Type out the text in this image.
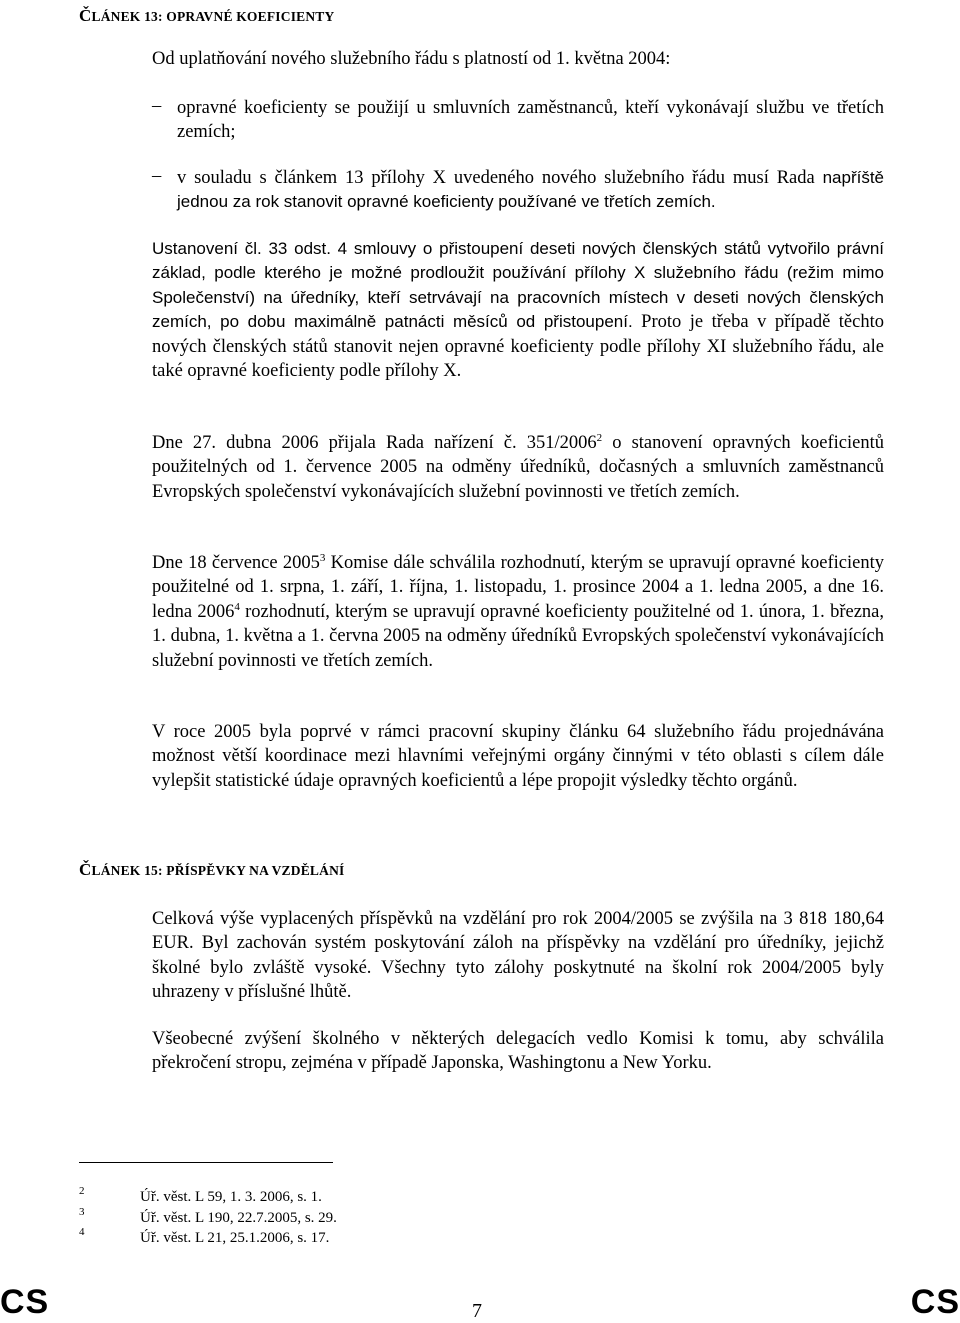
ČLÁNEK 13: OPRAVNÉ KOEFICIENTY
Od uplatňování nového služebního řádu s platností od 1. května 2004:
– opravné koeficienty se použijí u smluvních zaměstnanců, kteří vykonávají službu ve třetích zemích;
– v souladu s článkem 13 přílohy X uvedeného nového služebního řádu musí Rada napříště jednou za rok stanovit opravné koeficienty používané ve třetích zemích.
Ustanovení čl. 33 odst. 4 smlouvy o přistoupení deseti nových členských států vytvořilo právní základ, podle kterého je možné prodloužit používání přílohy X služebního řádu (režim mimo Společenství) na úředníky, kteří setrvávají na pracovních místech v deseti nových členských zemích, po dobu maximálně patnácti měsíců od přistoupení. Proto je třeba v případě těchto nových členských států stanovit nejen opravné koeficienty podle přílohy XI služebního řádu, ale také opravné koeficienty podle přílohy X.
Dne 27. dubna 2006 přijala Rada nařízení č. 351/2006$^2$ o stanovení opravných koeficientů použitelných od 1. července 2005 na odměny úředníků, dočasných a smluvních zaměstnanců Evropských společenství vykonávajících služební povinnosti ve třetích zemích.
Dne 18 července 2005$^3$ Komise dále schválila rozhodnutí, kterým se upravují opravné koeficienty použitelné od 1. srpna, 1. září, 1. října, 1. listopadu, 1. prosince 2004 a 1. ledna 2005, a dne 16. ledna 2006$^4$ rozhodnutí, kterým se upravují opravné koeficienty použitelné od 1. února, 1. března, 1. dubna, 1. května a 1. června 2005 na odměny úředníků Evropských společenství vykonávajících služební povinnosti ve třetích zemích.
V roce 2005 byla poprvé v rámci pracovní skupiny článku 64 služebního řádu projednávána možnost větší koordinace mezi hlavními veřejnými orgány činnými v této oblasti s cílem dále vylepšit statistické údaje opravných koeficientů a lépe propojit výsledky těchto orgánů.
ČLÁNEK 15: PŘÍSPĚVKY NA VZDĚLÁNÍ
Celková výše vyplacených příspěvků na vzdělání pro rok 2004/2005 se zvýšila na 3 818 180,64 EUR. Byl zachován systém poskytování záloh na příspěvky na vzdělání pro úředníky, jejichž školné bylo zvláště vysoké. Všechny tyto zálohy poskytnuté na školní rok 2004/2005 byly uhrazeny v příslušné lhůtě.
Všeobecné zvýšení školného v některých delegacích vedlo Komisi k tomu, aby schválila překročení stropu, zejména v případě Japonska, Washingtonu a New Yorku.
2	Úř. věst. L 59, 1. 3. 2006, s. 1.
3	Úř. věst. L 190, 22.7.2005, s. 29.
4	Úř. věst. L 21, 25.1.2006, s. 17.
CS	7	CS
